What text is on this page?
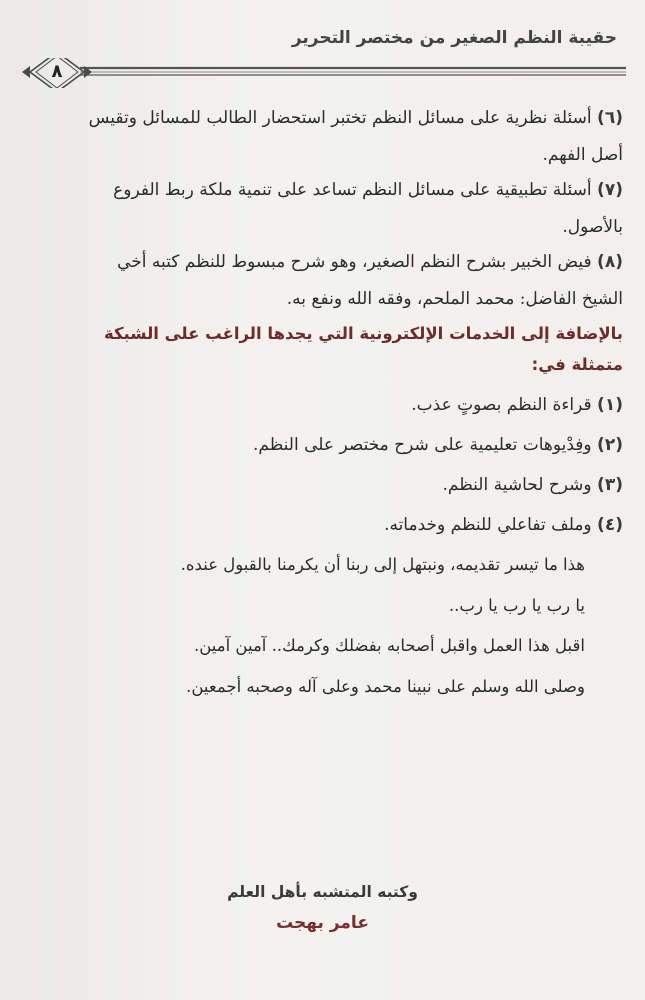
حقيبة النظم الصغير من مختصر التحرير
٨
(٦) أسئلة نظرية على مسائل النظم تختبر استحضار الطالب للمسائل وتقيس
أصل الفهم.
(٧) أسئلة تطبيقية على مسائل النظم تساعد على تنمية ملكة ربط الفروع
بالأصول.
(٨) فيض الخبير بشرح النظم الصغير، وهو شرح مبسوط للنظم كتبه أخي
الشيخ الفاضل: محمد الملحم، وفقه الله ونفع به.
بالإضافة إلى الخدمات الإلكترونية التي يجدها الراغب على الشبكة
متمثلة في:
(١) قراءة النظم بصوتٍ عذب.
(٢) وفِدْيوهات تعليمية على شرح مختصر على النظم.
(٣) وشرح لحاشية النظم.
(٤) وملف تفاعلي للنظم وخدماته.
هذا ما تيسر تقديمه، ونبتهل إلى ربنا أن يكرمنا بالقبول عنده.
يا رب يا رب يا رب..
اقبل هذا العمل واقبل أصحابه بفضلك وكرمك.. آمين آمين.
وصلى الله وسلم على نبينا محمد وعلى آله وصحبه أجمعين.
وكتبه المتشبه بأهل العلم
عامر بهجت
